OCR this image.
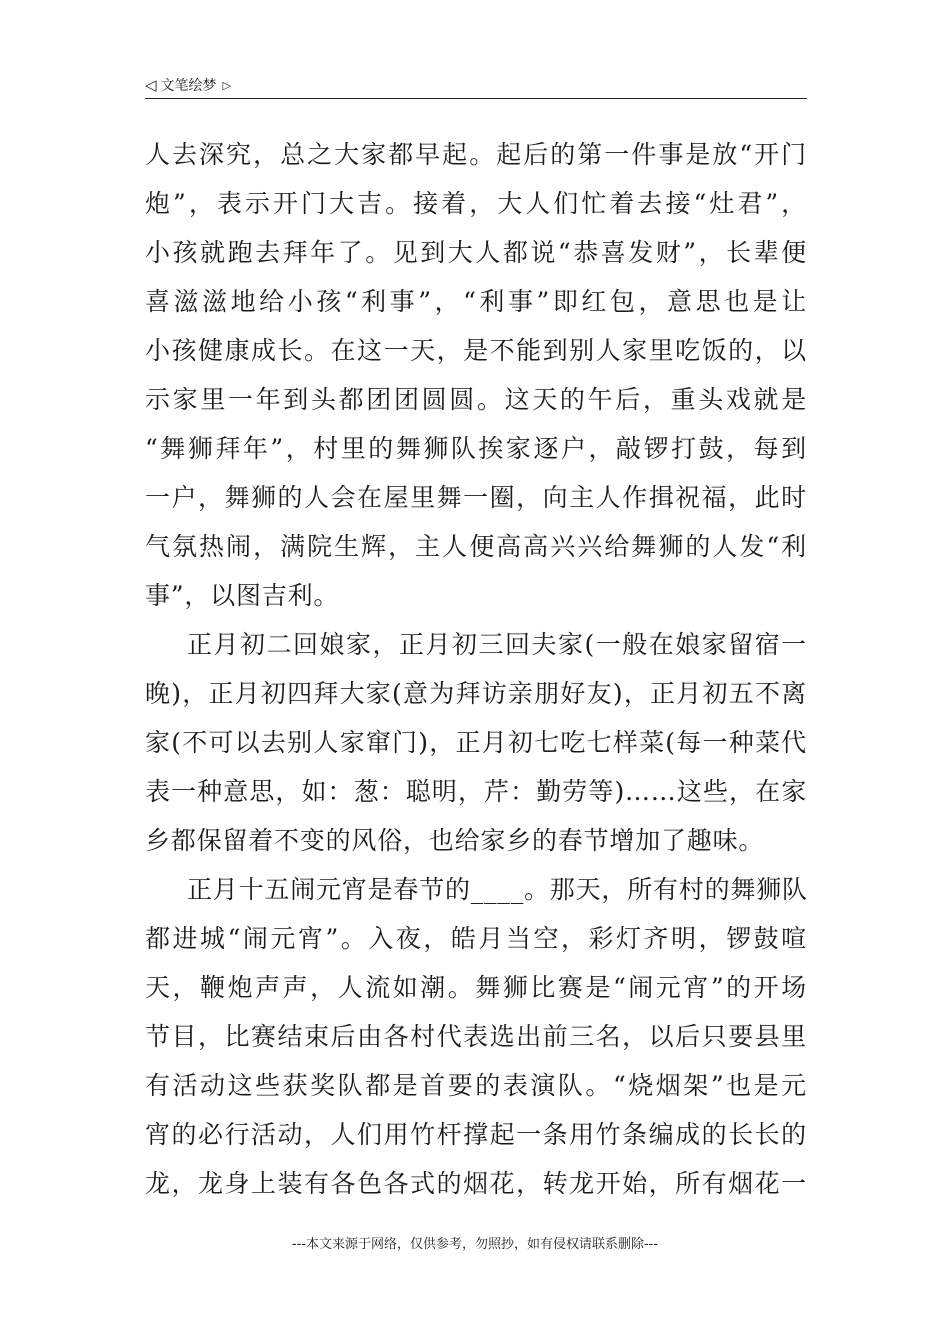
◁ 文笔绘梦 ▷
人去深究，总之大家都早起。起后的第一件事是放“开门
炮”，表示开门大吉。接着，大人们忙着去接“灶君”，
小孩就跑去拜年了。见到大人都说“恭喜发财”，长辈便
喜滋滋地给小孩“利事”，“利事”即红包，意思也是让
小孩健康成长。在这一天，是不能到别人家里吃饭的，以
示家里一年到头都团团圆圆。这天的午后，重头戏就是
“舞狮拜年”，村里的舞狮队挨家逐户，敲锣打鼓，每到
一户，舞狮的人会在屋里舞一圈，向主人作揖祝福，此时
气氛热闹，满院生辉，主人便高高兴兴给舞狮的人发“利
事”，以图吉利。
正月初二回娘家，正月初三回夫家(一般在娘家留宿一
晚)，正月初四拜大家(意为拜访亲朋好友)，正月初五不离
家(不可以去别人家窜门)，正月初七吃七样菜(每一种菜代
表一种意思，如：葱：聪明，芹：勤劳等)……这些，在家
乡都保留着不变的风俗，也给家乡的春节增加了趣味。
正月十五闹元宵是春节的____。那天，所有村的舞狮队
都进城“闹元宵”。入夜，皓月当空，彩灯齐明，锣鼓喧
天，鞭炮声声，人流如潮。舞狮比赛是“闹元宵”的开场
节目，比赛结束后由各村代表选出前三名，以后只要县里
有活动这些获奖队都是首要的表演队。“烧烟架”也是元
宵的必行活动，人们用竹杆撑起一条用竹条编成的长长的
龙，龙身上装有各色各式的烟花，转龙开始，所有烟花一
---本文来源于网络，仅供参考，勿照抄，如有侵权请联系删除---
